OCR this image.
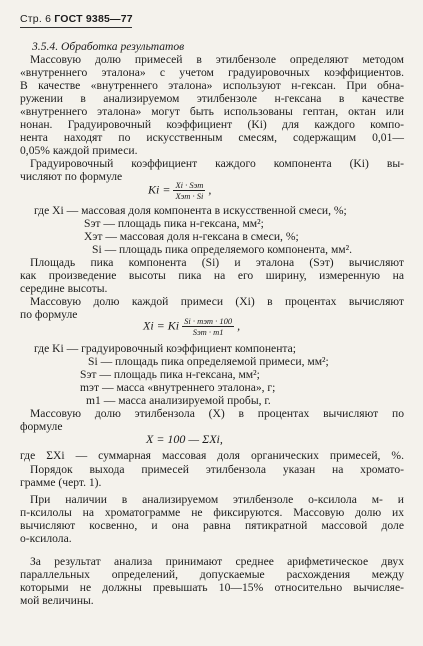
Стр. 6 ГОСТ 9385—77
3.5.4. Обработка результатов
Массовую долю примесей в этилбензоле определяют методом
«внутреннего эталона» с учетом градуировочных коэффициентов.
В качестве «внутреннего эталона» используют н-гексан. При обна-
ружении в анализируемом этилбензоле н-гексана в качестве
«внутреннего эталона» могут быть использованы гептан, октан или
нонан. Градуировочный коэффициент (Ki) для каждого компо-
нента находят по искусственным смесям, содержащим 0,01—
0,05% каждой примеси.
Градуировочный коэффициент каждого компонента (Ki) вы-
числяют по формуле
$Ki = \frac{\text{Xi · Sэт}}{\text{Xэт · Si}}$ ,
где Xi — массовая доля компонента в искусственной смеси, %;
Sэт — площадь пика н-гексана, мм²;
Xэт — массовая доля н-гексана в смеси, %;
Si — площадь пика определяемого компонента, мм².
Площадь пика компонента (Si) и эталона (Sэт) вычисляют
как произведение высоты пика на его ширину, измеренную на
середине высоты.
Массовую долю каждой примеси (Xi) в процентах вычисляют
по формуле
Xi = Ki $\frac{\text{Si · mэт · 100}}{\text{Sэт · m1}}$ ,
где Ki — градуировочный коэффициент компонента;
Si — площадь пика определяемой примеси, мм²;
Sэт — площадь пика н-гексана, мм²;
mэт — масса «внутреннего эталона», г;
m1 — масса анализируемой пробы, г.
Массовую долю этилбензола (X) в процентах вычисляют по
формуле
X = 100 — ΣXi,
где ΣXi — суммарная массовая доля органических примесей, %.
Порядок выхода примесей этилбензола указан на хромато-
грамме (черт. 1).
При наличии в анализируемом этилбензоле о-ксилола м- и
п-ксилолы на хроматограмме не фиксируются. Массовую долю их
вычисляют косвенно, и она равна пятикратной массовой доле
о-ксилола.
За результат анализа принимают среднее арифметическое двух
параллельных определений, допускаемые расхождения между
которыми не должны превышать 10—15% относительно вычисляе-
мой величины.
